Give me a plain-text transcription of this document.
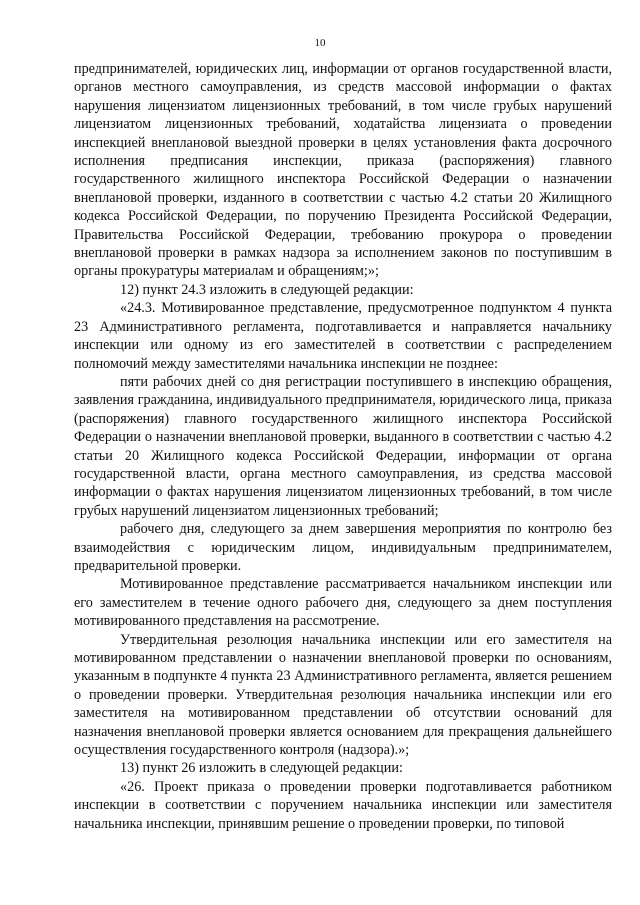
10

предпринимателей, юридических лиц, информации от органов государственной власти, органов местного самоуправления, из средств массовой информации о фактах нарушения лицензиатом лицензионных требований, в том числе грубых нарушений лицензиатом лицензионных требований, ходатайства лицензиата о проведении инспекцией внеплановой выездной проверки в целях установления факта досрочного исполнения предписания инспекции, приказа (распоряжения) главного государственного жилищного инспектора Российской Федерации о назначении внеплановой проверки, изданного в соответствии с частью 4.2 статьи 20 Жилищного кодекса Российской Федерации, по поручению Президента Российской Федерации, Правительства Российской Федерации, требованию прокурора о проведении внеплановой проверки в рамках надзора за исполнением законов по поступившим в органы прокуратуры материалам и обращениям;»;

12) пункт 24.3 изложить в следующей редакции:

«24.3. Мотивированное представление, предусмотренное подпунктом 4 пункта 23 Административного регламента, подготавливается и направляется начальнику инспекции или одному из его заместителей в соответствии с распределением полномочий между заместителями начальника инспекции не позднее:

пяти рабочих дней со дня регистрации поступившего в инспекцию обращения, заявления гражданина, индивидуального предпринимателя, юридического лица, приказа (распоряжения) главного государственного жилищного инспектора Российской Федерации о назначении внеплановой проверки, выданного в соответствии с частью 4.2 статьи 20 Жилищного кодекса Российской Федерации, информации от органа государственной власти, органа местного самоуправления, из средства массовой информации о фактах нарушения лицензиатом лицензионных требований, в том числе грубых нарушений лицензиатом лицензионных требований;

рабочего дня, следующего за днем завершения мероприятия по контролю без взаимодействия с юридическим лицом, индивидуальным предпринимателем, предварительной проверки.

Мотивированное представление рассматривается начальником инспекции или его заместителем в течение одного рабочего дня, следующего за днем поступления мотивированного представления на рассмотрение.

Утвердительная резолюция начальника инспекции или его заместителя на мотивированном представлении о назначении внеплановой проверки по основаниям, указанным в подпункте 4 пункта 23 Административного регламента, является решением о проведении проверки. Утвердительная резолюция начальника инспекции или его заместителя на мотивированном представлении об отсутствии оснований для назначения внеплановой проверки является основанием для прекращения дальнейшего осуществления государственного контроля (надзора).»;

13) пункт 26 изложить в следующей редакции:

«26. Проект приказа о проведении проверки подготавливается работником инспекции в соответствии с поручением начальника инспекции или заместителя начальника инспекции, принявшим решение о проведении проверки, по типовой
